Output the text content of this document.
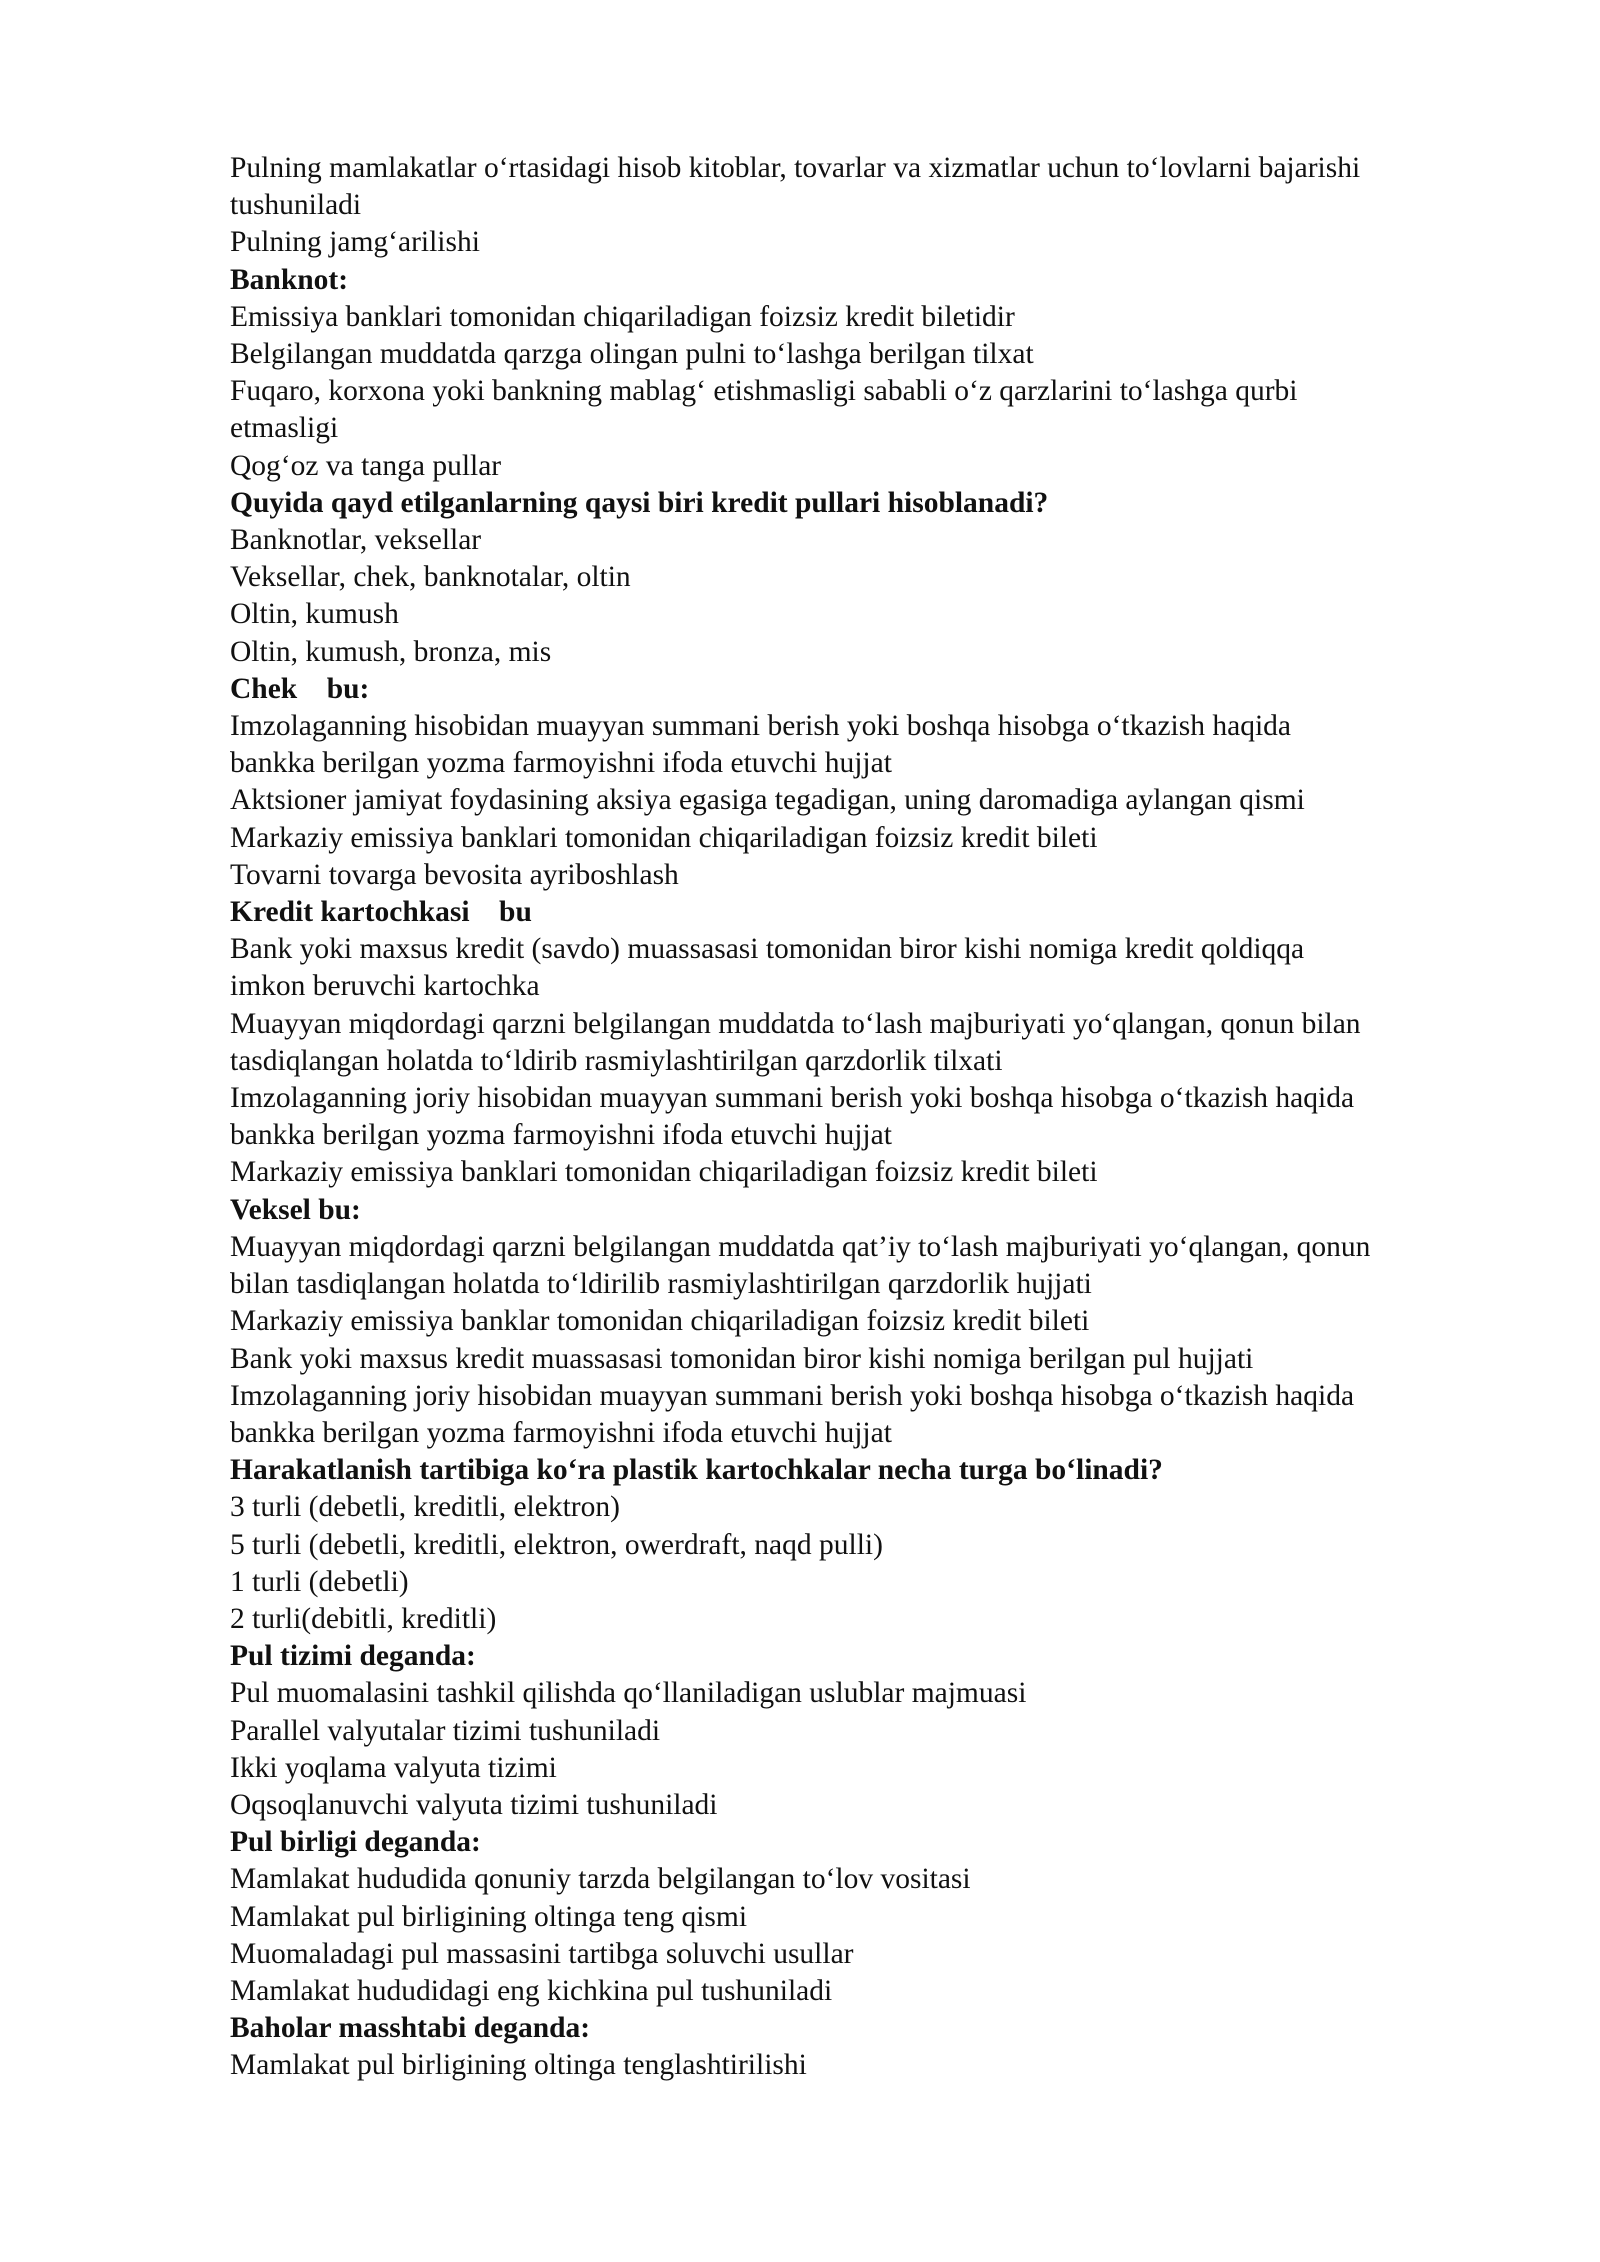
Pulning mamlakatlar o‘rtasidagi hisob kitoblar, tovarlar va xizmatlar uchun to‘lovlarni bajarishi
tushuniladi
Pulning jamg‘arilishi
Banknot:
Emissiya banklari tomonidan chiqariladigan foizsiz kredit biletidir
Belgilangan muddatda qarzga olingan pulni to‘lashga berilgan tilxat
Fuqaro, korxona yoki bankning mablag‘ etishmasligi sababli o‘z qarzlarini to‘lashga qurbi
etmasligi
Qog‘oz va tanga pullar
Quyida qayd etilganlarning qaysi biri kredit pullari hisoblanadi?
Banknotlar, veksellar
Veksellar, chek, banknotalar, oltin
Oltin, kumush
Oltin, kumush, bronza, mis
Chek    bu:
Imzolaganning hisobidan muayyan summani berish yoki boshqa hisobga o‘tkazish haqida
bankka berilgan yozma farmoyishni ifoda etuvchi hujjat
Aktsioner jamiyat foydasining aksiya egasiga tegadigan, uning daromadiga aylangan qismi
Markaziy emissiya banklari tomonidan chiqariladigan foizsiz kredit bileti
Tovarni tovarga bevosita ayriboshlash
Kredit kartochkasi    bu
Bank yoki maxsus kredit (savdo) muassasasi tomonidan biror kishi nomiga kredit qoldiqqa
imkon beruvchi kartochka
Muayyan miqdordagi qarzni belgilangan muddatda to‘lash majburiyati yo‘qlangan, qonun bilan
tasdiqlangan holatda to‘ldirib rasmiylashtirilgan qarzdorlik tilxati
Imzolaganning joriy hisobidan muayyan summani berish yoki boshqa hisobga o‘tkazish haqida
bankka berilgan yozma farmoyishni ifoda etuvchi hujjat
Markaziy emissiya banklari tomonidan chiqariladigan foizsiz kredit bileti
Veksel bu:
Muayyan miqdordagi qarzni belgilangan muddatda qat’iy to‘lash majburiyati yo‘qlangan, qonun
bilan tasdiqlangan holatda to‘ldirilib rasmiylashtirilgan qarzdorlik hujjati
Markaziy emissiya banklar tomonidan chiqariladigan foizsiz kredit bileti
Bank yoki maxsus kredit muassasasi tomonidan biror kishi nomiga berilgan pul hujjati
Imzolaganning joriy hisobidan muayyan summani berish yoki boshqa hisobga o‘tkazish haqida
bankka berilgan yozma farmoyishni ifoda etuvchi hujjat
Harakatlanish tartibiga ko‘ra plastik kartochkalar necha turga bo‘linadi?
3 turli (debetli, kreditli, elektron)
5 turli (debetli, kreditli, elektron, owerdraft, naqd pulli)
1 turli (debetli)
2 turli(debitli, kreditli)
Pul tizimi deganda:
Pul muomalasini tashkil qilishda qo‘llaniladigan uslublar majmuasi
Parallel valyutalar tizimi tushuniladi
Ikki yoqlama valyuta tizimi
Oqsoqlanuvchi valyuta tizimi tushuniladi
Pul birligi deganda:
Mamlakat hududida qonuniy tarzda belgilangan to‘lov vositasi
Mamlakat pul birligining oltinga teng qismi
Muomaladagi pul massasini tartibga soluvchi usullar
Mamlakat hududidagi eng kichkina pul tushuniladi
Baholar masshtabi deganda:
Mamlakat pul birligining oltinga tenglashtirilishi
